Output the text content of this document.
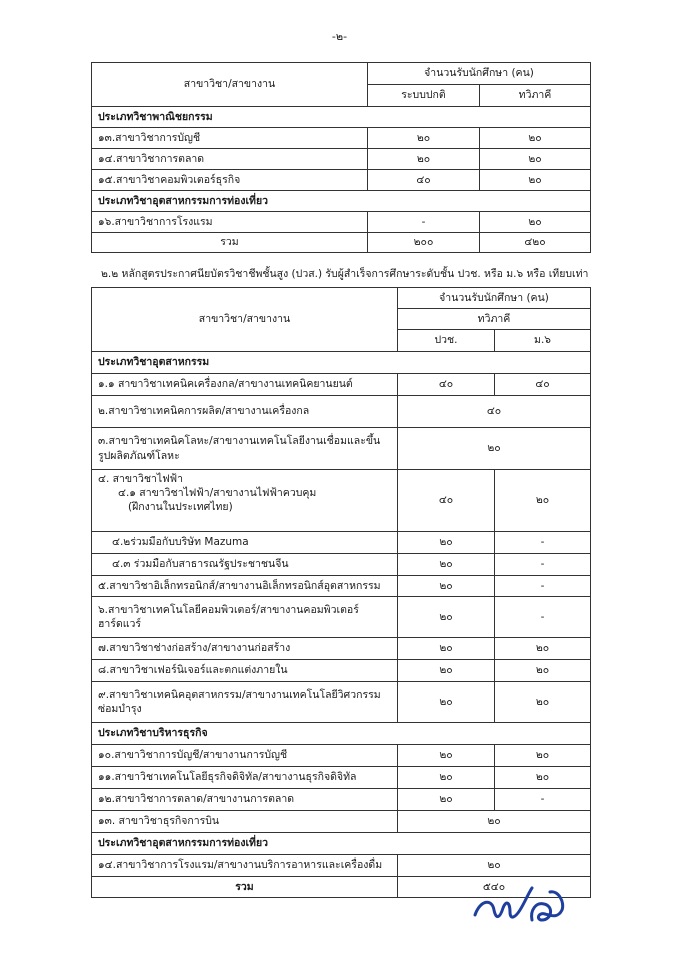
-๒-
สาขาวิชา/สาขางาน	จำนวนรับนักศึกษา (คน)	
	ระบบปกติ	ทวิภาคี
ประเภทวิชาพาณิชยกรรม		
๑๓.สาขาวิชาการบัญชี	๒๐	๒๐
๑๔.สาขาวิชาการตลาด	๒๐	๒๐
๑๕.สาขาวิชาคอมพิวเตอร์ธุรกิจ	๔๐	๒๐
ประเภทวิชาอุตสาหกรรมการท่องเที่ยว		
๑๖.สาขาวิชาการโรงแรม	-	๒๐
รวม	๒๐๐	๔๒๐
๒.๒ หลักสูตรประกาศนียบัตรวิชาชีพชั้นสูง (ปวส.) รับผู้สำเร็จการศึกษาระดับชั้น ปวช. หรือ ม.๖ หรือ เทียบเท่า
สาขาวิชา/สาขางาน	จำนวนรับนักศึกษา (คน)	
	ทวิภาคี	
	ปวช.	ม.๖
ประเภทวิชาอุตสาหกรรม		
๑.๑ สาขาวิชาเทคนิคเครื่องกล/สาขางานเทคนิคยานยนต์	๔๐	๔๐
๒.สาขาวิชาเทคนิคการผลิต/สาขางานเครื่องกล	๔๐	
๓.สาขาวิชาเทคนิคโลหะ/สาขางานเทคโนโลยีงานเชื่อมและขึ้น
รูปผลิตภัณฑ์โลหะ	๒๐	
๔. สาขาวิชาไฟฟ้า
๔.๑ สาขาวิชาไฟฟ้า/สาขางานไฟฟ้าควบคุม
(ฝึกงานในประเทศไทย)	๔๐	๒๐
๔.๒ร่วมมือกับบริษัท Mazuma	๒๐	-
๔.๓ ร่วมมือกับสาธารณรัฐประชาชนจีน	๒๐	-
๕.สาขาวิชาอิเล็กทรอนิกส์/สาขางานอิเล็กทรอนิกส์อุตสาหกรรม	๒๐	-
๖.สาขาวิชาเทคโนโลยีคอมพิวเตอร์/สาขางานคอมพิวเตอร์
ฮาร์ดแวร์	๒๐	-
๗.สาขาวิชาช่างก่อสร้าง/สาขางานก่อสร้าง	๒๐	๒๐
๘.สาขาวิชาเฟอร์นิเจอร์และตกแต่งภายใน	๒๐	๒๐
๙.สาขาวิชาเทคนิคอุตสาหกรรม/สาขางานเทคโนโลยีวิศวกรรม
ซ่อมบำรุง	๒๐	๒๐
ประเภทวิชาบริหารธุรกิจ		
๑๐.สาขาวิชาการบัญชี/สาขางานการบัญชี	๒๐	๒๐
๑๑.สาขาวิชาเทคโนโลยีธุรกิจดิจิทัล/สาขางานธุรกิจดิจิทัล	๒๐	๒๐
๑๒.สาขาวิชาการตลาด/สาขางานการตลาด	๒๐	-
๑๓. สาขาวิชาธุรกิจการบิน	๒๐	
ประเภทวิชาอุตสาหกรรมการท่องเที่ยว		
๑๔.สาขาวิชาการโรงแรม/สาขางานบริการอาหารและเครื่องดื่ม	๒๐	
รวม	๕๔๐	
